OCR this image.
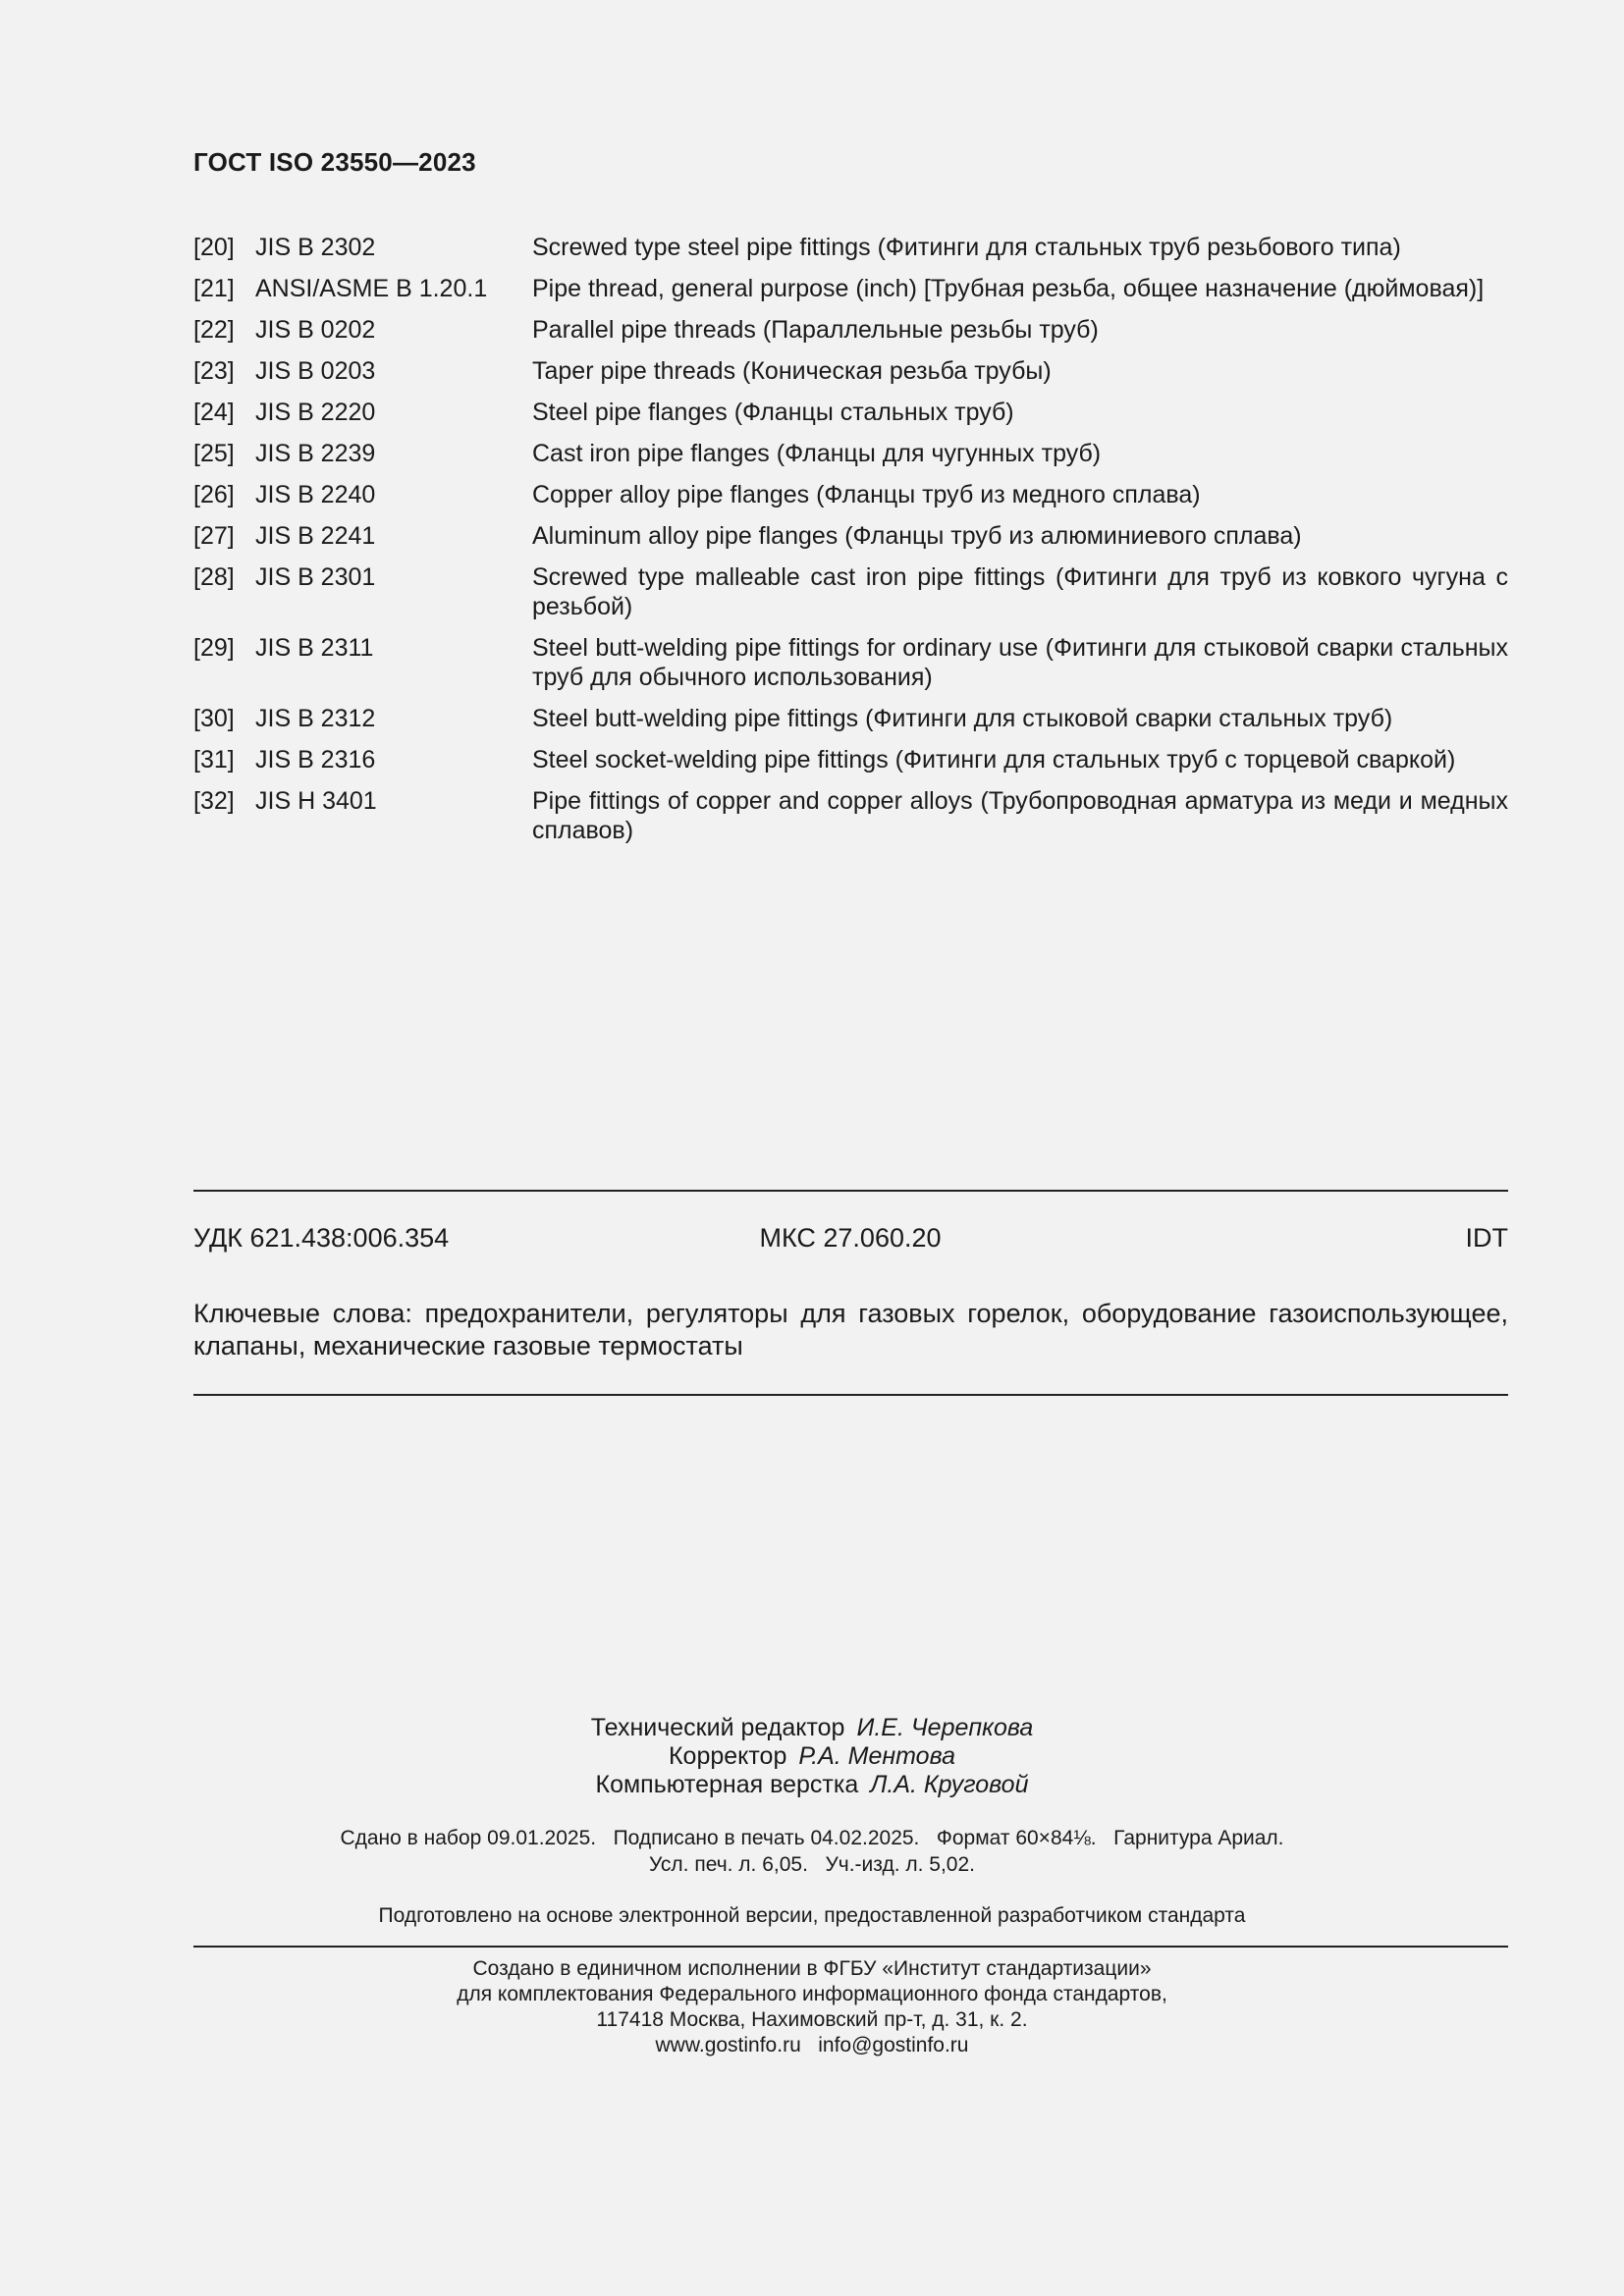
ГОСТ ISO 23550—2023
[20] JIS B 2302	Screwed type steel pipe fittings (Фитинги для стальных труб резьбового типа)
[21] ANSI/ASME B 1.20.1	Pipe thread, general purpose (inch) [Трубная резьба, общее назначение (дюймовая)]
[22] JIS B 0202	Parallel pipe threads (Параллельные резьбы труб)
[23] JIS B 0203	Taper pipe threads (Коническая резьба трубы)
[24] JIS B 2220	Steel pipe flanges (Фланцы стальных труб)
[25] JIS B 2239	Cast iron pipe flanges (Фланцы для чугунных труб)
[26] JIS B 2240	Copper alloy pipe flanges (Фланцы труб из медного сплава)
[27] JIS B 2241	Aluminum alloy pipe flanges (Фланцы труб из алюминиевого сплава)
[28] JIS B 2301	Screwed type malleable cast iron pipe fittings (Фитинги для труб из ковкого чугуна с резьбой)
[29] JIS B 2311	Steel butt-welding pipe fittings for ordinary use (Фитинги для стыковой сварки стальных труб для обычного использования)
[30] JIS B 2312	Steel butt-welding pipe fittings (Фитинги для стыковой сварки стальных труб)
[31] JIS B 2316	Steel socket-welding pipe fittings (Фитинги для стальных труб с торцевой сваркой)
[32] JIS H 3401	Pipe fittings of copper and copper alloys (Трубопроводная арматура из меди и медных сплавов)
УДК 621.438:006.354	МКС 27.060.20	IDT
Ключевые слова: предохранители, регуляторы для газовых горелок, оборудование газоиспользующее, клапаны, механические газовые термостаты
Технический редактор И.Е. Черепкова
Корректор Р.А. Ментова
Компьютерная верстка Л.А. Круговой
Сдано в набор 09.01.2025.   Подписано в печать 04.02.2025.   Формат 60×84⅛.   Гарнитура Ариал.
Усл. печ. л. 6,05.   Уч.-изд. л. 5,02.
Подготовлено на основе электронной версии, предоставленной разработчиком стандарта
Создано в единичном исполнении в ФГБУ «Институт стандартизации»
для комплектования Федерального информационного фонда стандартов,
117418 Москва, Нахимовский пр-т, д. 31, к. 2.
www.gostinfo.ru   info@gostinfo.ru
